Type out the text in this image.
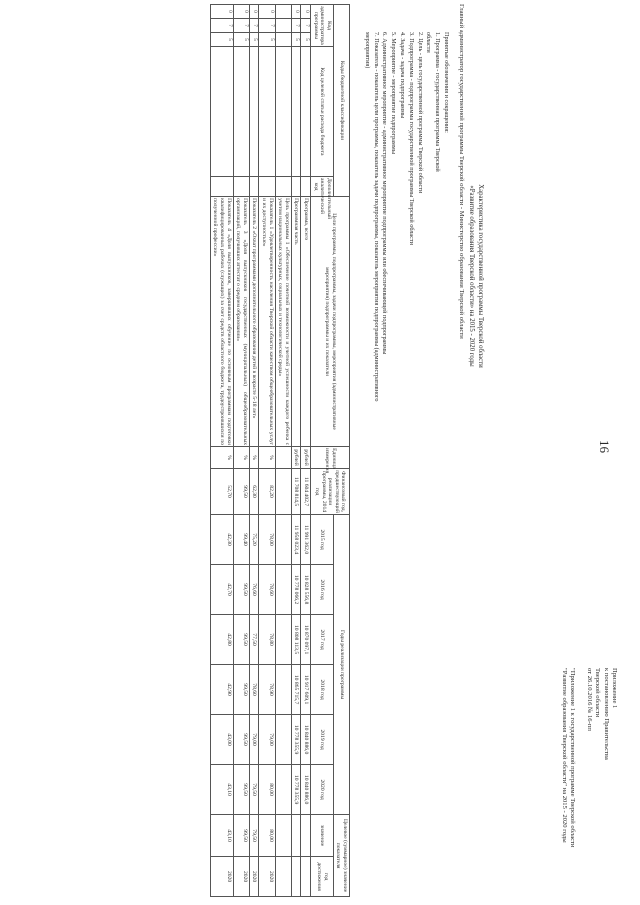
16
Приложение 1
к постановлению Правительства
Тверской области
от 26.10.2016 № 16-пп
"Приложение 1 к государственной программе Тверской области
"Развитие образования Тверской области" на 2015 - 2020 годы
Характеристика государственной программы Тверской области
«Развитие образования Тверской области» на 2015 - 2020 годы
Главный администратор государственной программы Тверской области - Министерство образования Тверской области
Принятые обозначения и сокращения:
1. Программа - государственная программа Тверской
области
2. Цель - цель государственной программы Тверской области
3. Подпрограмма - подпрограмма государственной программы Тверской области
4. Задача - задача подпрограммы
5. Мероприятие - мероприятие подпрограммы
6. Административное мероприятие - административное мероприятие подпрограммы или обеспечивающей подпрограммы
7. Показатель - показатель цели программы, показатель задачи подпрограммы, показатель мероприятия подпрограммы (административного
мероприятия)
Коды бюджетной классификации					Цели программы, подпрограммы, задачи подпрограммы, мероприятия (административные мероприятия) подпрограммы и их показатели	Единица измерения	Финансовый год, предшествующий реализации программы, 2014 год	Годы реализации программы						Целевое (суммарное) значение показателя	
Код администратора программы			Код целевой статьи расхода бюджета	Дополнительный аналитический код				2015 год	2016 год	2017 год	2018 год	2019 год	2020 год	значение	год достижения
0	7	5			Программа, всего	рублей	11 604 402,7	11 991 362,0	10 828 556,8	10 870 097,1	10 917 609,1	10 840 886,0	10 840 886,0		
0	7	5			Программная часть	рублей	11 708 814,5	11 958 023,4	10 778 066,2	10 808 113,5	10 865 715,7	10 778 355,9	10 778 355,9		
					Цель программы 1 «Обеспечение почетной возможности и учетной успешности каждого ребенка с учетом национальных культурных, социальных и технологической среды»										
0	7	5			Показатель 1 «Удовлетворенность населения Тверской области качеством общеобразовательных услуг и их доступностью»	%	82,20	78,00	78,60	78,80	78,90	79,00	80,00	80,00	2020
0	7	5			Показатель 2 «Охват программами дополнительного образования детей в возрасте 5-18 лет»	%	62,30	75,20	76,60	77,50	78,60	79,00	79,50	79,50	2020
0	7	5			Показатель 3 «Доля выпускников государственных (муниципальных) общеобразовательных организаций, получивших аттестат о среднем образовании»	%	99,50	99,40	99,50	99,50	99,50	99,50	99,50	99,50	2020
0	7	5			Показатель 4 «Доля выпускников, завершивших обучение по основным программам подготовки квалифицированных рабочих (служащих) за счет средств областного бюджета, трудоустроившихся по полученной профессии»	%	52,70	42,30	42,70	42,80	42,90	43,00	43,10	43,10	2020
